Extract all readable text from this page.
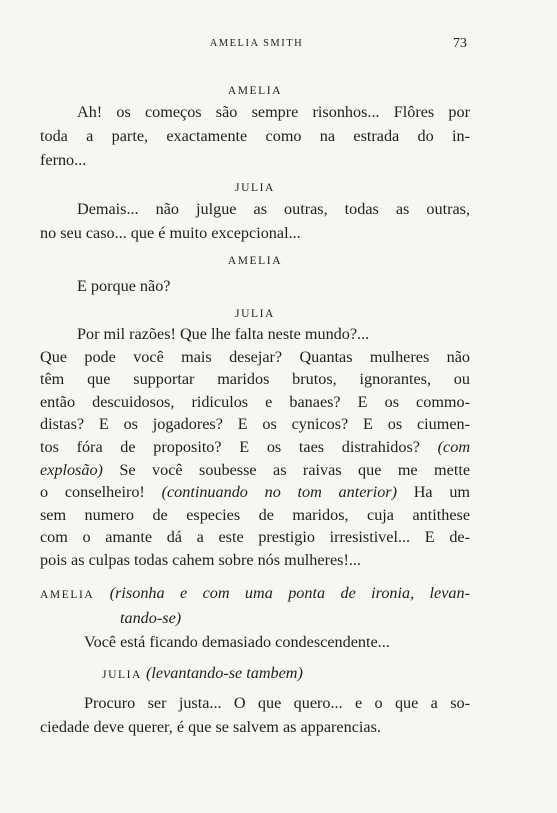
AMELIA SMITH	73

AMELIA

Ah! os começos são sempre risonhos... Flôres por
toda a parte, exactamente como na estrada do in-
ferno...

JULIA

Demais... não julgue as outras, todas as outras,
no seu caso... que é muito excepcional...

AMELIA

E porque não?

JULIA

Por mil razões! Que lhe falta neste mundo?...
Que pode você mais desejar? Quantas mulheres não
têm que supportar maridos brutos, ignorantes, ou
então descuidosos, ridiculos e banaes? E os commo-
distas? E os jogadores? E os cynicos? E os ciumen-
tos fóra de proposito? E os taes distrahidos? (com
explosão) Se você soubesse as raivas que me mette
o conselheiro! (continuando no tom anterior) Ha um
sem numero de especies de maridos, cuja antithese
com o amante dá a este prestigio irresistivel... E de-
pois as culpas todas cahem sobre nós mulheres!...

AMELIA (risonha e com uma ponta de ironia, levan-
tando-se)

Você está ficando demasiado condescendente...

JULIA (levantando-se tambem)

Procuro ser justa... O que quero... e o que a so-
ciedade deve querer, é que se salvem as apparencias.
